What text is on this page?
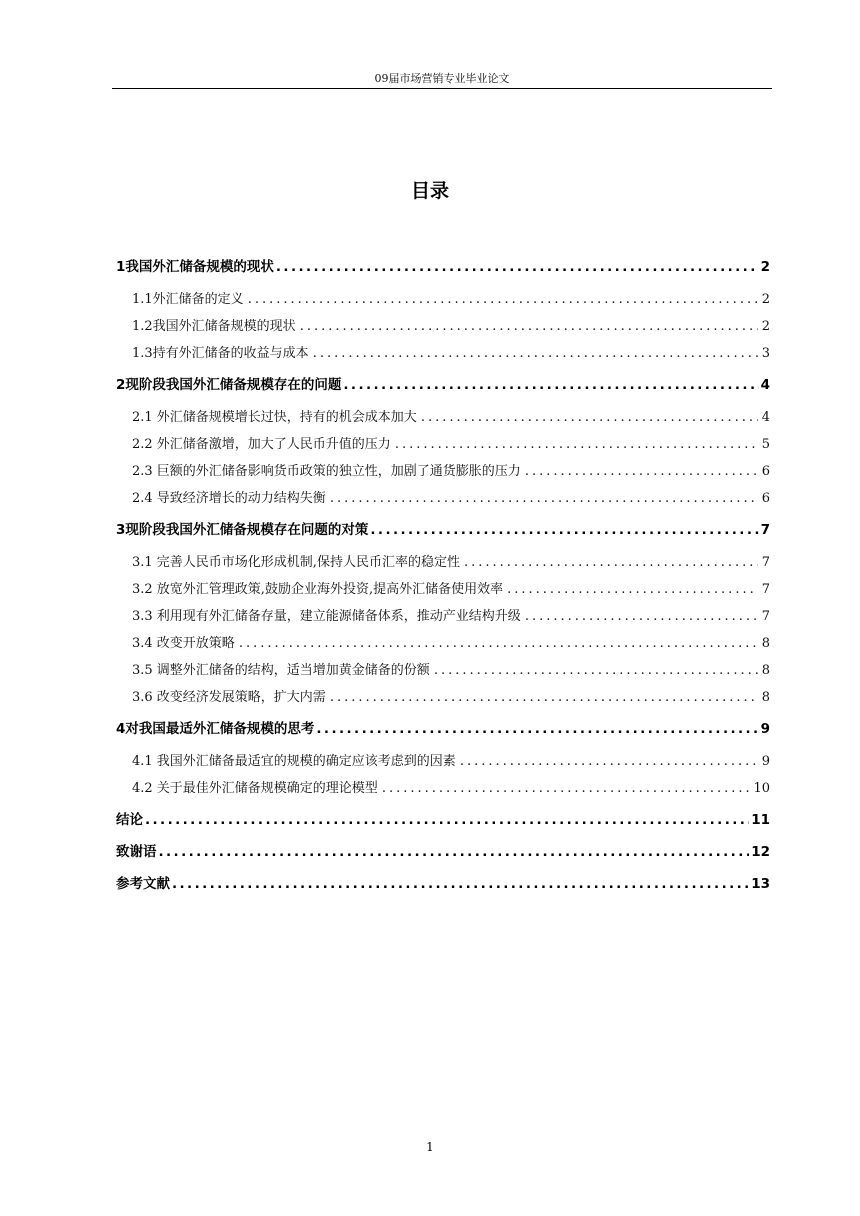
09届市场营销专业毕业论文
目录
1我国外汇储备规模的现状 .....	2
1.1外汇储备的定义 .....	2
1.2我国外汇储备规模的现状 .....	2
1.3持有外汇储备的收益与成本 .....	3
2现阶段我国外汇储备规模存在的问题 .....	4
2.1 外汇储备规模增长过快，持有的机会成本加大 .....	4
2.2 外汇储备激增，加大了人民币升值的压力 .....	5
2.3 巨额的外汇储备影响货币政策的独立性，加剧了通货膨胀的压力 .....	6
2.4 导致经济增长的动力结构失衡 .....	6
3现阶段我国外汇储备规模存在问题的对策 .....	7
3.1 完善人民币市场化形成机制,保持人民币汇率的稳定性 .....	7
3.2 放宽外汇管理政策,鼓励企业海外投资,提高外汇储备使用效率 .....	7
3.3 利用现有外汇储备存量，建立能源储备体系，推动产业结构升级 .....	7
3.4 改变开放策略 .....	8
3.5 调整外汇储备的结构，适当增加黄金储备的份额 .....	8
3.6 改变经济发展策略，扩大内需 .....	8
4对我国最适外汇储备规模的思考 .....	9
4.1 我国外汇储备最适宜的规模的确定应该考虑到的因素 .....	9
4.2 关于最佳外汇储备规模确定的理论模型 .....	10
结论 .....	11
致谢语 .....	12
参考文献 .....	13
1
